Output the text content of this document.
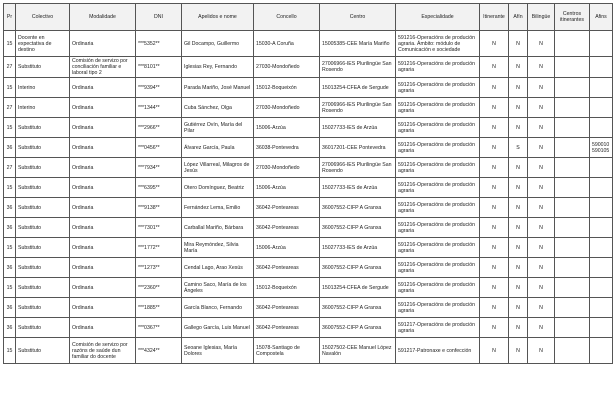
Pr	Colectivo	Modalidade	DNI	Apelidos e nome	Concello	Centro	Especialidade	Itinerante	Afín	Bilingüe	Centros itinerantes	Afins
15	Docente en expectativa de destino	Ordinaria	***5352**	Gil Docampo, Guillermo	15030-A Coruña	15005385-CEE María Mariño	591216-Operacións de produción agraria. Ámbito: módulo de Comunicación e sociedade	N	N	N		
27	Substituto	Comisión de servizo por conciliación familiar e laboral tipo 2	***8101**	Iglesias Rey, Fernando	27030-Mondoñedo	27006966-IES Plurilingüe San Rosendo	591216-Operacións de produción agraria	N	N	N		
15	Interino	Ordinaria	***9394**	Parada Mariño, José Manuel	15012-Boqueixón	15013254-CFEA de Sergude	591216-Operacións de produción agraria	N	N	N		
27	Interino	Ordinaria	***1344**	Cuba Sánchez, Olga	27030-Mondoñedo	27006966-IES Plurilingüe San Rosendo	591216-Operacións de produción agraria	N	N	N		
15	Substituto	Ordinaria	***2966**	Gutiérrez Ovín, María del Pilar	15006-Arzúa	15027733-IES de Arzúa	591216-Operacións de produción agraria	N	N	N		
36	Substituto	Ordinaria	***0456**	Álvarez García, Paula	36038-Pontevedra	36017201-CEE Pontevedra	591216-Operacións de produción agraria	N	S	N		590010 590105
27	Substituto	Ordinaria	***7934**	López Villarreal, Milagros de Jesús	27030-Mondoñedo	27006966-IES Plurilingüe San Rosendo	591216-Operacións de produción agraria	N	N	N		
15	Substituto	Ordinaria	***6395**	Otero Domínguez, Beatriz	15006-Arzúa	15027733-IES de Arzúa	591216-Operacións de produción agraria	N	N	N		
36	Substituto	Ordinaria	***9138**	Fernández Lema, Emilio	36042-Ponteareas	36007552-CIFP A Granxa	591216-Operacións de produción agraria	N	N	N		
36	Substituto	Ordinaria	***7301**	Carballal Mariño, Bárbara	36042-Ponteareas	36007552-CIFP A Granxa	591216-Operacións de produción agraria	N	N	N		
15	Substituto	Ordinaria	***1772**	Mira Reymóndez, Silvia María	15006-Arzúa	15027733-IES de Arzúa	591216-Operacións de produción agraria	N	N	N		
36	Substituto	Ordinaria	***1273**	Cendal Lago, Arao Xesús	36042-Ponteareas	36007552-CIFP A Granxa	591216-Operacións de produción agraria	N	N	N		
15	Substituto	Ordinaria	***2360**	Camino Saco, María de los Ángeles	15012-Boqueixón	15013254-CFEA de Sergude	591216-Operacións de produción agraria	N	N	N		
36	Substituto	Ordinaria	***1885**	García Blanco, Fernando	36042-Ponteareas	36007552-CIFP A Granxa	591216-Operacións de produción agraria	N	N	N		
36	Substituto	Ordinaria	***0367**	Gallego García, Luis Manuel	36042-Ponteareas	36007552-CIFP A Granxa	591217-Operacións de produción agraria	N	N	N		
15	Substituto	Comisión de servizo por razóns de saúde dun familiar do docente	***4324**	Seoane Iglesias, María Dolores	15078-Santiago de Compostela	15027502-CEE Manuel López Navalón	591217-Patronaxe e confección	N	N	N		
